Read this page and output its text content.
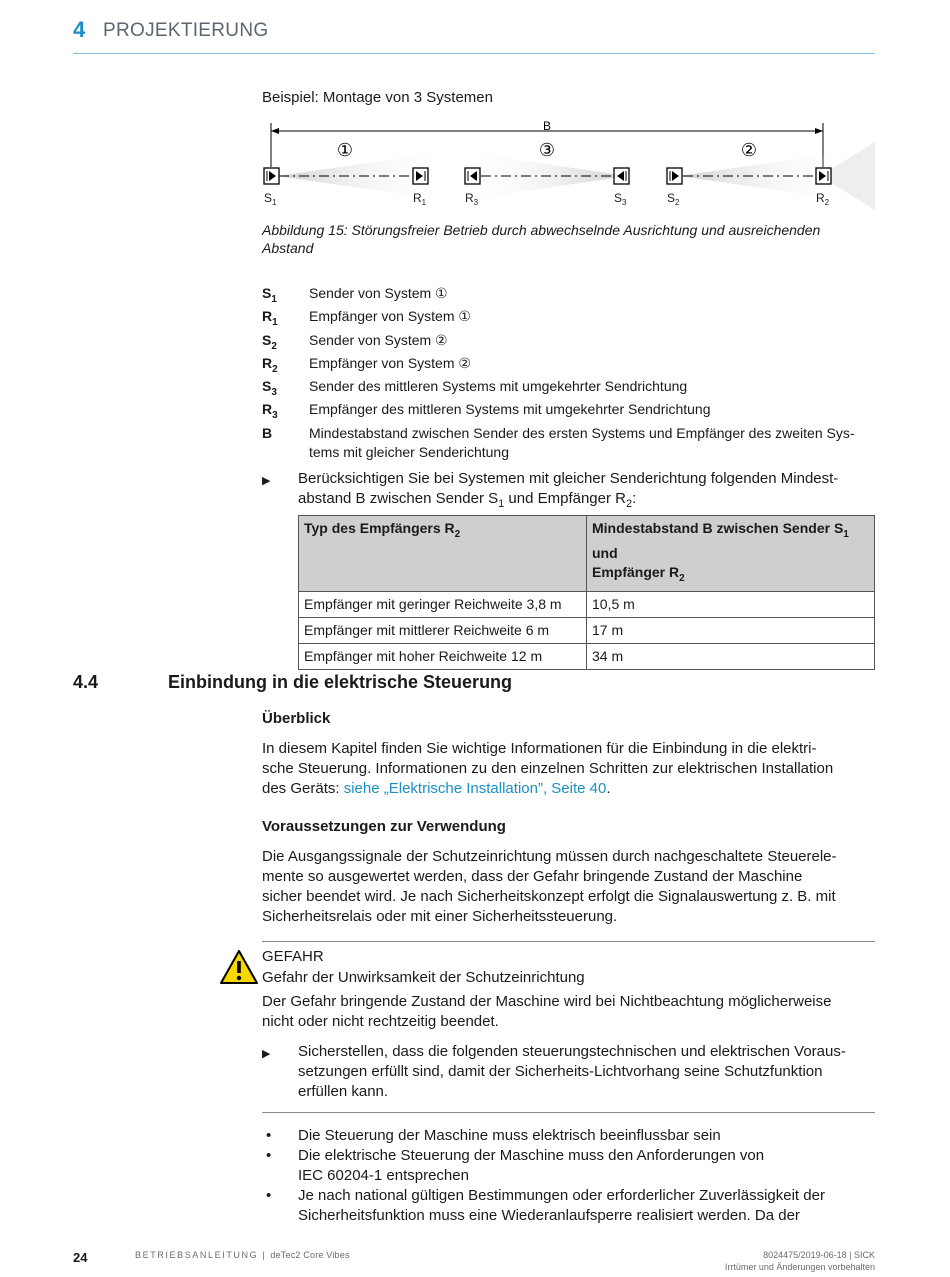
4 PROJEKTIERUNG
Beispiel: Montage von 3 Systemen
B
①	③	②
$S_1$	$R_1$	$R_3$	$S_3$	$S_2$	$R_2$
Abbildung 15: Störungsfreier Betrieb durch abwechselnde Ausrichtung und ausreichenden Abstand
$S_1$ Sender von System ①
$R_1$ Empfänger von System ①
$S_2$ Sender von System ②
$R_2$ Empfänger von System ②
$S_3$ Sender des mittleren Systems mit umgekehrter Sendrichtung
$R_3$ Empfänger des mittleren Systems mit umgekehrter Sendrichtung
B	Mindestabstand zwischen Sender des ersten Systems und Empfänger des zweiten Sys-
tems mit gleicher Senderichtung
▶ Berücksichtigen Sie bei Systemen mit gleicher Senderichtung folgenden Mindest-
abstand B zwischen Sender $S_1$ und Empfänger $R_2$:
Typ des Empfängers $R_2$	Mindestabstand B zwischen Sender $S_1$ und
Empfänger $R_2$
Empfänger mit geringer Reichweite 3,8 m	10,5 m
Empfänger mit mittlerer Reichweite 6 m	17 m
Empfänger mit hoher Reichweite 12 m	34 m
4.4	Einbindung in die elektrische Steuerung
Überblick
In diesem Kapitel finden Sie wichtige Informationen für die Einbindung in die elektri-
sche Steuerung. Informationen zu den einzelnen Schritten zur elektrischen Installation
des Geräts: siehe „Elektrische Installation”, Seite 40.
Voraussetzungen zur Verwendung
Die Ausgangssignale der Schutzeinrichtung müssen durch nachgeschaltete Steuerele-
mente so ausgewertet werden, dass der Gefahr bringende Zustand der Maschine
sicher beendet wird. Je nach Sicherheitskonzept erfolgt die Signalauswertung z. B. mit
Sicherheitsrelais oder mit einer Sicherheitssteuerung.
GEFAHR
Gefahr der Unwirksamkeit der Schutzeinrichtung
Der Gefahr bringende Zustand der Maschine wird bei Nichtbeachtung möglicherweise
nicht oder nicht rechtzeitig beendet.
▶ Sicherstellen, dass die folgenden steuerungstechnischen und elektrischen Voraus-
setzungen erfüllt sind, damit der Sicherheits-Lichtvorhang seine Schutzfunktion
erfüllen kann.
• Die Steuerung der Maschine muss elektrisch beeinflussbar sein
• Die elektrische Steuerung der Maschine muss den Anforderungen von
IEC 60204-1 entsprechen
• Je nach national gültigen Bestimmungen oder erforderlicher Zuverlässigkeit der
Sicherheitsfunktion muss eine Wiederanlaufsperre realisiert werden. Da der
24	BETRIEBSANLEITUNG | deTec2 Core Vibes	8024475/2019-06-18 | SICK
Irrtümer und Änderungen vorbehalten
